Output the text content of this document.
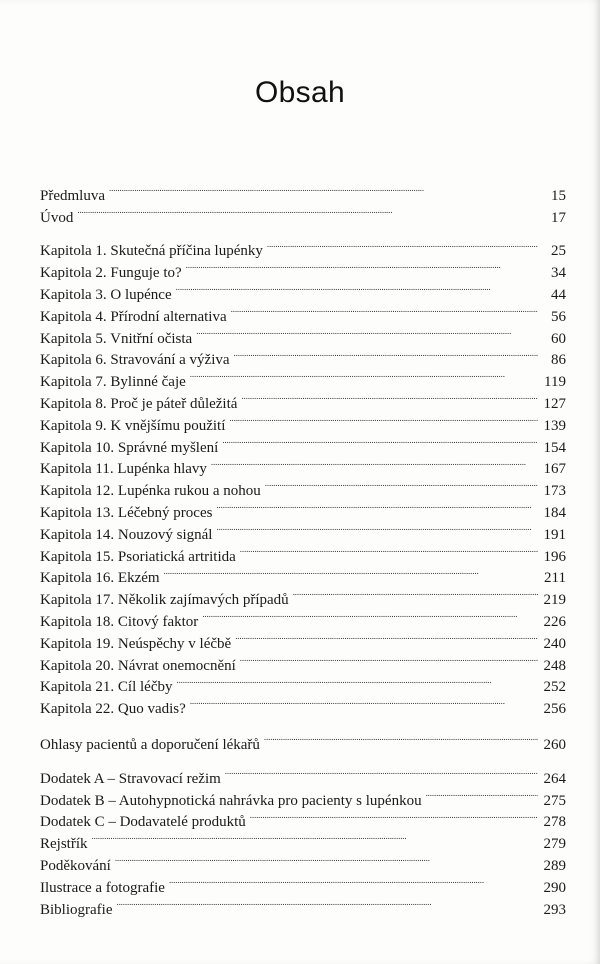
Obsah
Předmluva . . .	15
Úvod . . .	17
Kapitola 1. Skutečná příčina lupénky . . .	25
Kapitola 2. Funguje to? . . .	34
Kapitola 3. O lupénce . . .	44
Kapitola 4. Přírodní alternativa . . .	56
Kapitola 5. Vnitřní očista . . .	60
Kapitola 6. Stravování a výživa . . .	86
Kapitola 7. Bylinné čaje . . .	119
Kapitola 8. Proč je páteř důležitá . . .	127
Kapitola 9. K vnějšímu použití . . .	139
Kapitola 10. Správné myšlení . . .	154
Kapitola 11. Lupénka hlavy . . .	167
Kapitola 12. Lupénka rukou a nohou . . .	173
Kapitola 13. Léčebný proces . . .	184
Kapitola 14. Nouzový signál . . .	191
Kapitola 15. Psoriatická artritida . . .	196
Kapitola 16. Ekzém . . .	211
Kapitola 17. Několik zajímavých případů . . .	219
Kapitola 18. Citový faktor . . .	226
Kapitola 19. Neúspěchy v léčbě . . .	240
Kapitola 20. Návrat onemocnění . . .	248
Kapitola 21. Cíl léčby . . .	252
Kapitola 22. Quo vadis? . . .	256
Ohlasy pacientů a doporučení lékařů . . .	260
Dodatek A – Stravovací režim . . .	264
Dodatek B – Autohypnotická nahrávka pro pacienty s lupénkou . . .	275
Dodatek C – Dodavatelé produktů . . .	278
Rejstřík . . .	279
Poděkování . . .	289
Ilustrace a fotografie . . .	290
Bibliografie . . .	293
